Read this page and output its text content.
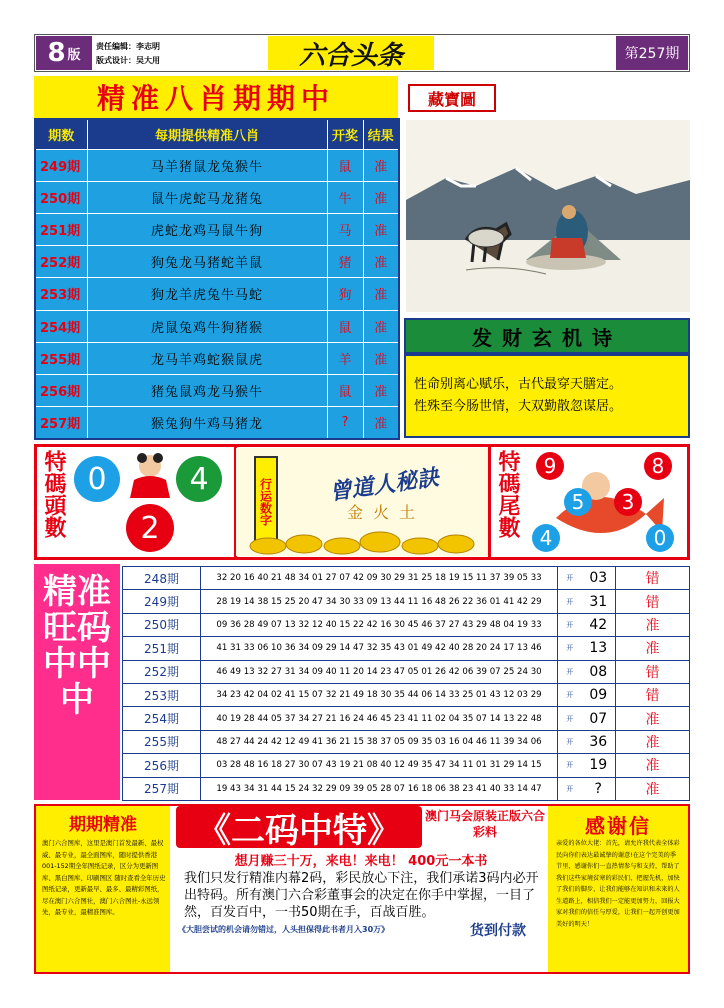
8 版
责任编辑：李志明
版式设计：吴大用	六合头条	第257期
精准八肖期期中	藏寶圖
期数	每期提供精准八肖	开奖	结果
249期	马羊猪鼠龙兔猴牛	鼠	准
250期	鼠牛虎蛇马龙猪兔	牛	准
251期	虎蛇龙鸡马鼠牛狗	马	准
252期	狗兔龙马猪蛇羊鼠	猪	准
253期	狗龙羊虎兔牛马蛇	狗	准
254期	虎鼠兔鸡牛狗猪猴	鼠	准
255期	龙马羊鸡蛇猴鼠虎	羊	准
256期	猪兔鼠鸡龙马猴牛	鼠	准
257期	猴兔狗牛鸡马猪龙	?	准
发财玄机诗
性命别离心赋乐，古代最穿天膳定。
性殊至今肠世情，大双勤散忽谋居。
特碼頭數 0	4
2
行运数字	曾道人秘訣
金火土	特碼尾數	9	8
5	3
4	0
精准旺码中中中
248期	32 20 16 40 21 48 34 01 27 07 42 09 30 29 31 25 18 19 15 11 37 39 05 33	开	03	错
249期	28 19 14 38 15 25 20 47 34 30 33 09 13 44 11 16 48 26 22 36 01 41 42 29	开	31	错
250期	09 36 28 49 07 13 32 12 40 15 22 42 16 30 45 46 37 27 43 29 48 04 19 33	开	42	准
251期	41 31 33 06 10 36 34 09 29 14 47 32 35 43 01 49 42 40 28 20 24 17 13 46	开	13	准
252期	46 49 13 32 27 31 34 09 40 11 20 14 23 47 05 01 26 42 06 39 07 25 24 30	开	08	错
253期	34 23 42 04 02 41 15 07 32 21 49 18 30 35 44 06 14 33 25 01 43 12 03 29	开	09	错
254期	40 19 28 44 05 37 34 27 21 16 24 46 45 23 41 11 02 04 35 07 14 13 22 48	开	07	准
255期	48 27 44 24 42 12 49 41 36 21 15 38 37 05 09 35 03 16 04 46 11 39 34 06	开	36	准
256期	03 28 48 16 18 27 30 07 43 19 21 08 40 12 49 35 47 34 11 01 31 29 14 15	开	19	准
257期	19 43 34 31 44 15 24 32 29 09 39 05 28 07 16 18 06 38 23 41 40 33 14 47	开	?	准
期期精准
澳门六合图库，这里是澳门首发最新、最权威、最专业，最全面图库，随时提供香港001-152期全年图纸记录，区分为更新图库、黑白图库、印刷图区 随时查看全年历史图纸记录，更新最早、最多、最精彩图纸，尽在澳门六合图社，澳门六合图社-永远领先，最专业，最精准图库。
《二码中特》	澳门马会原装正版六合彩料
想月赚三十万，来电！来电！ 400元一本书
我们只发行精准内幕2码，彩民放心下注，我们承诺3码内必开出特码。所有澳门六合彩董事会的决定在你手中掌握，一目了然，百发百中，一书50期在手，百战百胜。
《大胆尝试的机会请勿错过，人头担保得此书者月入30万》	货到付款
感谢信
亲爱的各位大佬：首先，请允许我代表全体彩民向你们表达最诚挚的谢意!在这个完美的季节里，感谢你们一直热情参与和支持，帮助了我们这些家境贫寒的彩民们，把握先机，加快了我们的脚步，让我们能够在知识和未来的人生道路上，相信我们一定能更加努力，回报大家对我们的信任与厚爱，让我们一起开创更加美好的明天！
